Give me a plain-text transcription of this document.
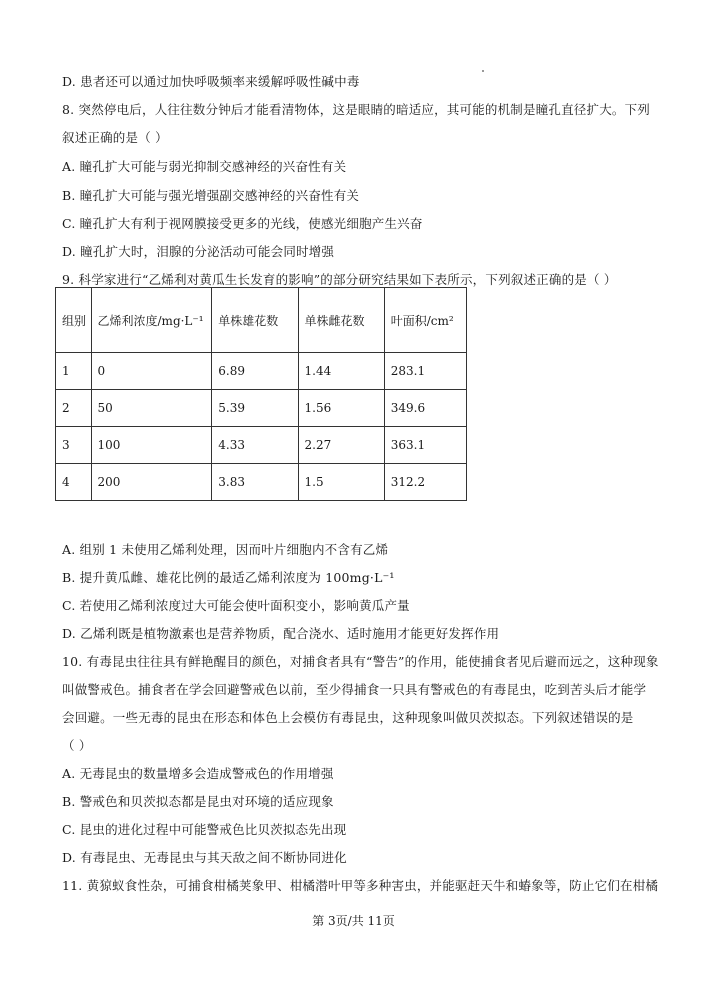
D. 患者还可以通过加快呼吸频率来缓解呼吸性碱中毒
8. 突然停电后，人往往数分钟后才能看清物体，这是眼睛的暗适应，其可能的机制是瞳孔直径扩大。下列
叙述正确的是（ ）
A. 瞳孔扩大可能与弱光抑制交感神经的兴奋性有关
B. 瞳孔扩大可能与强光增强副交感神经的兴奋性有关
C. 瞳孔扩大有利于视网膜接受更多的光线，使感光细胞产生兴奋
D. 瞳孔扩大时，泪腺的分泌活动可能会同时增强
9. 科学家进行“乙烯利对黄瓜生长发育的影响”的部分研究结果如下表所示，下列叙述正确的是（ ）
组别	乙烯利浓度/mg·L⁻¹	单株雄花数	单株雌花数	叶面积/cm²
1	0	6.89	1.44	283.1
2	50	5.39	1.56	349.6
3	100	4.33	2.27	363.1
4	200	3.83	1.5	312.2
A. 组别 1 未使用乙烯利处理，因而叶片细胞内不含有乙烯
B. 提升黄瓜雌、雄花比例的最适乙烯利浓度为 100mg·L⁻¹
C. 若使用乙烯利浓度过大可能会使叶面积变小，影响黄瓜产量
D. 乙烯利既是植物激素也是营养物质，配合浇水、适时施用才能更好发挥作用
10. 有毒昆虫往往具有鲜艳醒目的颜色，对捕食者具有“警告”的作用，能使捕食者见后避而远之，这种现象
叫做警戒色。捕食者在学会回避警戒色以前，至少得捕食一只具有警戒色的有毒昆虫，吃到苦头后才能学
会回避。一些无毒的昆虫在形态和体色上会模仿有毒昆虫，这种现象叫做贝茨拟态。下列叙述错误的是
（ ）
A. 无毒昆虫的数量增多会造成警戒色的作用增强
B. 警戒色和贝茨拟态都是昆虫对环境的适应现象
C. 昆虫的进化过程中可能警戒色比贝茨拟态先出现
D. 有毒昆虫、无毒昆虫与其天敌之间不断协同进化
11. 黄猄蚁食性杂，可捕食柑橘荚象甲、柑橘潜叶甲等多种害虫，并能驱赶天牛和蝽象等，防止它们在柑橘
第 3页/共 11页
